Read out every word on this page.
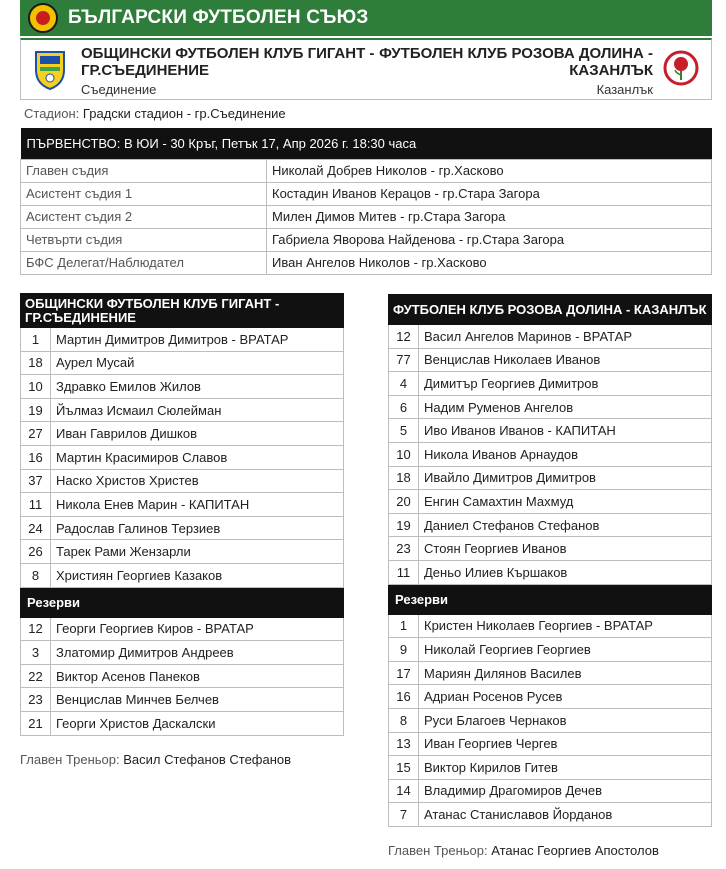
БЪЛГАРСКИ ФУТБОЛЕН СЪЮЗ
ОБЩИНСКИ ФУТБОЛЕН КЛУБ ГИГАНТ - ГР.СЪЕДИНЕНИЕ
Съединение
ФУТБОЛЕН КЛУБ РОЗОВА ДОЛИНА - КАЗАНЛЪК
Казанлък
Стадион: Градски стадион - гр.Съединение
ПЪРВЕНСТВО: В ЮИ - 30 Кръг, Петък 17, Апр 2026 г. 18:30 часа	
Главен съдия	Николай Добрев Николов - гр.Хасково
Асистент съдия 1	Костадин Иванов Керацов - гр.Стара Загора
Асистент съдия 2	Милен Димов Митев - гр.Стара Загора
Четвърти съдия	Габриела Яворова Найденова - гр.Стара Загора
БФС Делегат/Наблюдател	Иван Ангелов Николов - гр.Хасково
ОБЩИНСКИ ФУТБОЛЕН КЛУБ ГИГАНТ - ГР.СЪЕДИНЕНИЕ	
1	Мартин Димитров Димитров - ВРАТАР
18	Аурел Мусай
10	Здравко Емилов Жилов
19	Йълмаз Исмаил Сюлейман
27	Иван Гаврилов Дишков
16	Мартин Красимиров Славов
37	Наско Христов Христев
11	Никола Енев Марин - КАПИТАН
24	Радослав Галинов Терзиев
26	Тарек Рами Жензарли
8	Християн Георгиев Казаков
Резерви	
12	Георги Георгиев Киров - ВРАТАР
3	Златомир Димитров Андреев
22	Виктор Асенов Панеков
23	Венцислав Минчев Белчев
21	Георги Христов Даскалски
Главен Треньор: Васил Стефанов Стефанов
ФУТБОЛЕН КЛУБ РОЗОВА ДОЛИНА - КАЗАНЛЪК	
12	Васил Ангелов Маринов - ВРАТАР
77	Венцислав Николаев Иванов
4	Димитър Георгиев Димитров
6	Надим Руменов Ангелов
5	Иво Иванов Иванов - КАПИТАН
10	Никола Иванов Арнаудов
18	Ивайло Димитров Димитров
20	Енгин Самахтин Махмуд
19	Даниел Стефанов Стефанов
23	Стоян Георгиев Иванов
11	Деньо Илиев Кършаков
Резерви	
1	Кристен Николаев Георгиев - ВРАТАР
9	Николай Георгиев Георгиев
17	Мариян Дилянов Василев
16	Адриан Росенов Русев
8	Руси Благоев Чернаков
13	Иван Георгиев Чергев
15	Виктор Кирилов Гитев
14	Владимир Драгомиров Дечев
7	Атанас Станиславов Йорданов
Главен Треньор: Атанас Георгиев Апостолов
